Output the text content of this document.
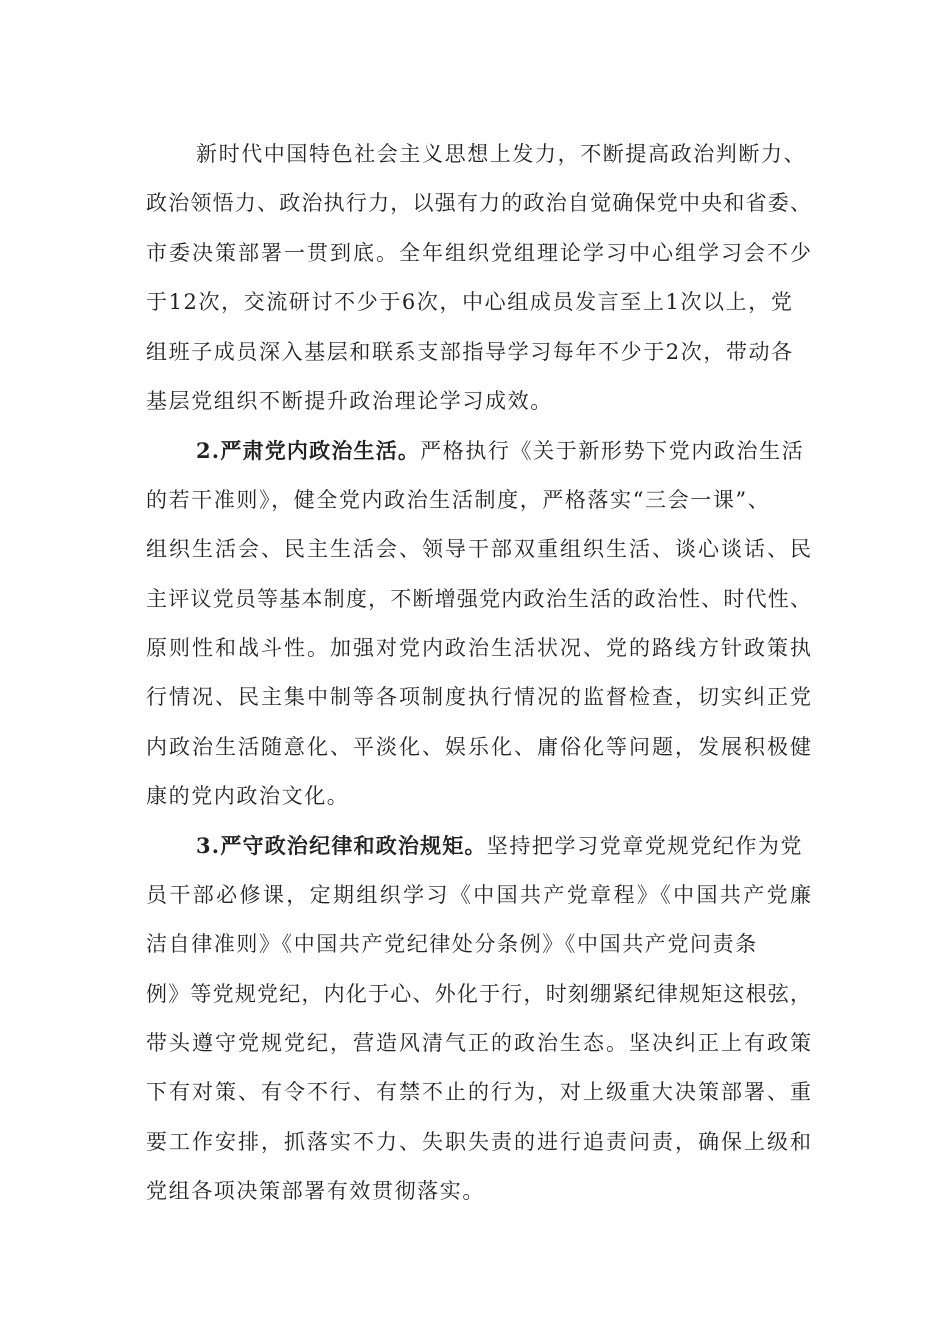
新时代中国特色社会主义思想上发力，不断提高政治判断力、
政治领悟力、政治执行力，以强有力的政治自觉确保党中央和省委、
市委决策部署一贯到底。全年组织党组理论学习中心组学习会不少
于12次，交流研讨不少于6次，中心组成员发言至上1次以上，党
组班子成员深入基层和联系支部指导学习每年不少于2次，带动各
基层党组织不断提升政治理论学习成效。
2.严肃党内政治生活。严格执行《关于新形势下党内政治生活
的若干准则》，健全党内政治生活制度，严格落实“三会一课”、
组织生活会、民主生活会、领导干部双重组织生活、谈心谈话、民
主评议党员等基本制度，不断增强党内政治生活的政治性、时代性、
原则性和战斗性。加强对党内政治生活状况、党的路线方针政策执
行情况、民主集中制等各项制度执行情况的监督检查，切实纠正党
内政治生活随意化、平淡化、娱乐化、庸俗化等问题，发展积极健
康的党内政治文化。
3.严守政治纪律和政治规矩。坚持把学习党章党规党纪作为党
员干部必修课，定期组织学习《中国共产党章程》《中国共产党廉
洁自律准则》《中国共产党纪律处分条例》《中国共产党问责条
例》等党规党纪，内化于心、外化于行，时刻绷紧纪律规矩这根弦，
带头遵守党规党纪，营造风清气正的政治生态。坚决纠正上有政策
下有对策、有令不行、有禁不止的行为，对上级重大决策部署、重
要工作安排，抓落实不力、失职失责的进行追责问责，确保上级和
党组各项决策部署有效贯彻落实。
